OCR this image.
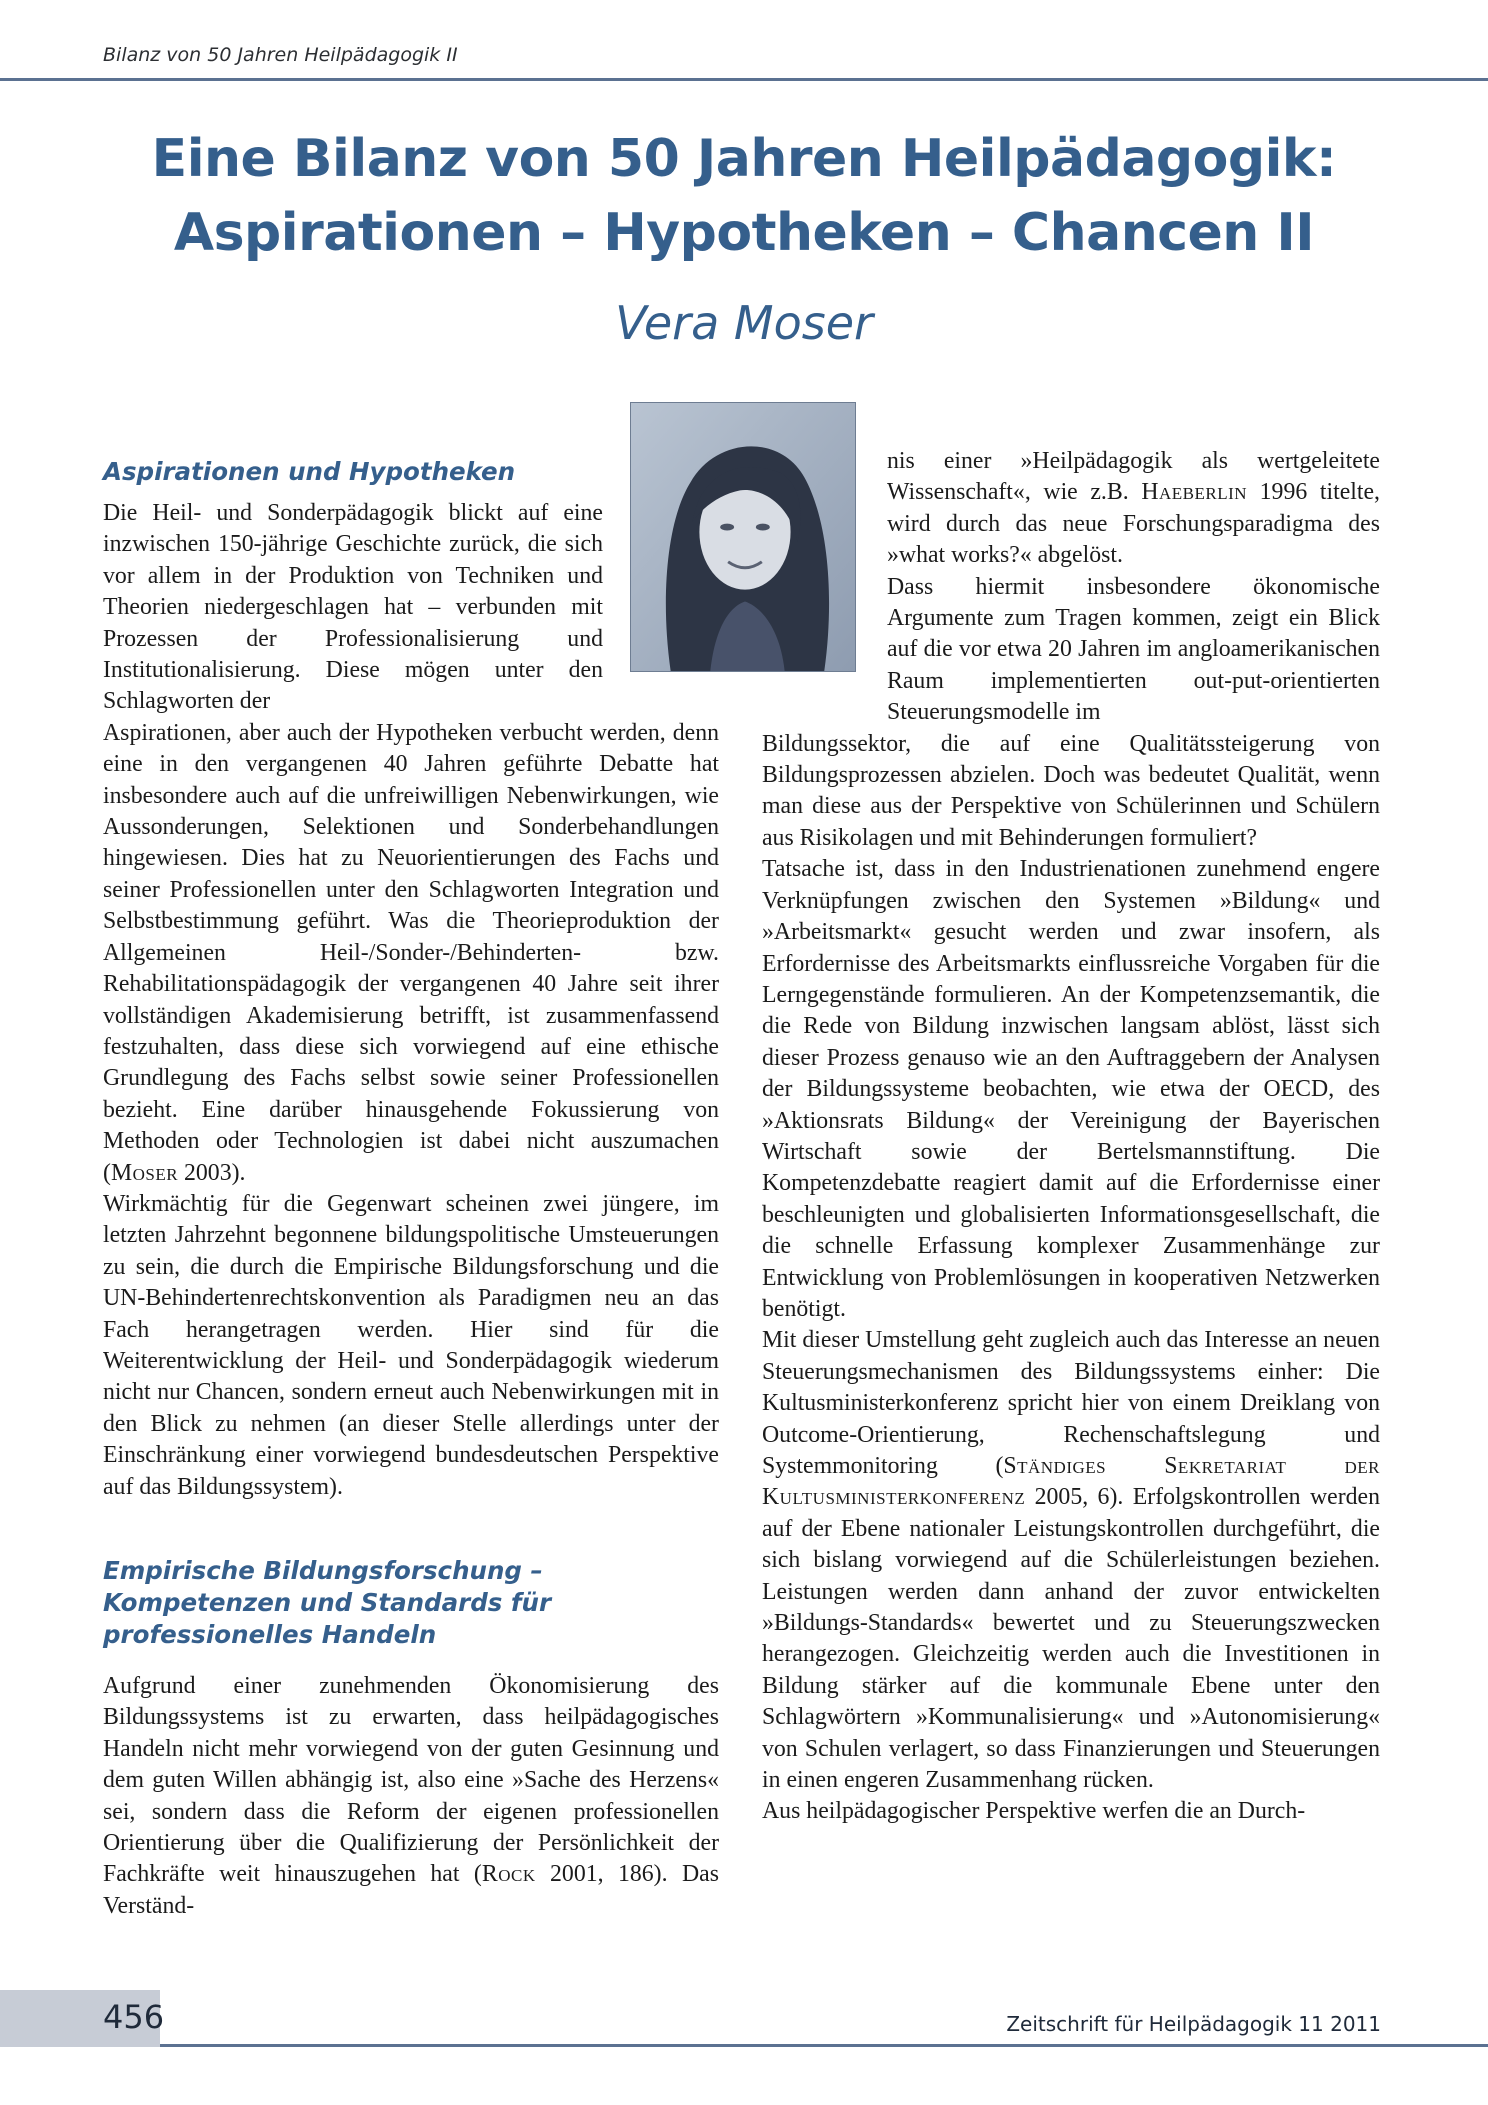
Bilanz von 50 Jahren Heilpädagogik II
Eine Bilanz von 50 Jahren Heilpädagogik:
Aspirationen – Hypotheken – Chancen II
Vera Moser
Aspirationen und Hypotheken

Die Heil- und Sonderpädagogik blickt auf eine inzwischen 150-jährige Geschichte zurück, die sich vor allem in der Produktion von Techniken und Theorien niedergeschlagen hat – verbunden mit Prozessen der Professionalisierung und Institutionalisierung. Diese mögen unter den Schlagworten der

Aspirationen, aber auch der Hypotheken verbucht werden, denn eine in den vergangenen 40 Jahren geführte Debatte hat insbesondere auch auf die unfreiwilligen Nebenwirkungen, wie Aussonderungen, Selektionen und Sonderbehandlungen hingewiesen. Dies hat zu Neuorientierungen des Fachs und seiner Professionellen unter den Schlagworten Integration und Selbstbestimmung geführt. Was die Theorieproduktion der Allgemeinen Heil-/Sonder-/Behinderten- bzw. Rehabilitationspädagogik der vergangenen 40 Jahre seit ihrer vollständigen Akademisierung betrifft, ist zusammenfassend festzuhalten, dass diese sich vorwiegend auf eine ethische Grundlegung des Fachs selbst sowie seiner Professionellen bezieht. Eine darüber hinausgehende Fokussierung von Methoden oder Technologien ist dabei nicht auszumachen (Moser 2003).

Wirkmächtig für die Gegenwart scheinen zwei jüngere, im letzten Jahrzehnt begonnene bildungspolitische Umsteuerungen zu sein, die durch die Empirische Bildungsforschung und die UN-Behindertenrechtskonvention als Paradigmen neu an das Fach herangetragen werden. Hier sind für die Weiterentwicklung der Heil- und Sonderpädagogik wiederum nicht nur Chancen, sondern erneut auch Nebenwirkungen mit in den Blick zu nehmen (an dieser Stelle allerdings unter der Einschränkung einer vorwiegend bundesdeutschen Perspektive auf das Bildungssystem).

Empirische Bildungsforschung – Kompetenzen und Standards für professionelles Handeln

Aufgrund einer zunehmenden Ökonomisierung des Bildungssystems ist zu erwarten, dass heilpädagogisches Handeln nicht mehr vorwiegend von der guten Gesinnung und dem guten Willen abhängig ist, also eine »Sache des Herzens« sei, sondern dass die Reform der eigenen professionellen Orientierung über die Qualifizierung der Persönlichkeit der Fachkräfte weit hinauszugehen hat (Rock 2001, 186). Das Verständ-

nis einer »Heilpädagogik als wertgeleitete Wissenschaft«, wie z.B. Haeberlin 1996 titelte, wird durch das neue Forschungsparadigma des »what works?« abgelöst.

Dass hiermit insbesondere ökonomische Argumente zum Tragen kommen, zeigt ein Blick auf die vor etwa 20 Jahren im angloamerikanischen Raum implementierten out-put-orientierten Steuerungsmodelle im

Bildungssektor, die auf eine Qualitätssteigerung von Bildungsprozessen abzielen. Doch was bedeutet Qualität, wenn man diese aus der Perspektive von Schülerinnen und Schülern aus Risikolagen und mit Behinderungen formuliert?

Tatsache ist, dass in den Industrienationen zunehmend engere Verknüpfungen zwischen den Systemen »Bildung« und »Arbeitsmarkt« gesucht werden und zwar insofern, als Erfordernisse des Arbeitsmarkts einflussreiche Vorgaben für die Lerngegenstände formulieren. An der Kompetenzsemantik, die die Rede von Bildung inzwischen langsam ablöst, lässt sich dieser Prozess genauso wie an den Auftraggebern der Analysen der Bildungssysteme beobachten, wie etwa der OECD, des »Aktionsrats Bildung« der Vereinigung der Bayerischen Wirtschaft sowie der Bertelsmannstiftung. Die Kompetenzdebatte reagiert damit auf die Erfordernisse einer beschleunigten und globalisierten Informationsgesellschaft, die die schnelle Erfassung komplexer Zusammenhänge zur Entwicklung von Problemlösungen in kooperativen Netzwerken benötigt.

Mit dieser Umstellung geht zugleich auch das Interesse an neuen Steuerungsmechanismen des Bildungssystems einher: Die Kultusministerkonferenz spricht hier von einem Dreiklang von Outcome-Orientierung, Rechenschaftslegung und Systemmonitoring (Ständiges Sekretariat der Kultusministerkonferenz 2005, 6). Erfolgskontrollen werden auf der Ebene nationaler Leistungskontrollen durchgeführt, die sich bislang vorwiegend auf die Schülerleistungen beziehen. Leistungen werden dann anhand der zuvor entwickelten »Bildungs-Standards« bewertet und zu Steuerungszwecken herangezogen. Gleichzeitig werden auch die Investitionen in Bildung stärker auf die kommunale Ebene unter den Schlagwörtern »Kommunalisierung« und »Autonomisierung« von Schulen verlagert, so dass Finanzierungen und Steuerungen in einen engeren Zusammenhang rücken.

Aus heilpädagogischer Perspektive werfen die an Durch-

456	Zeitschrift für Heilpädagogik 11 2011
